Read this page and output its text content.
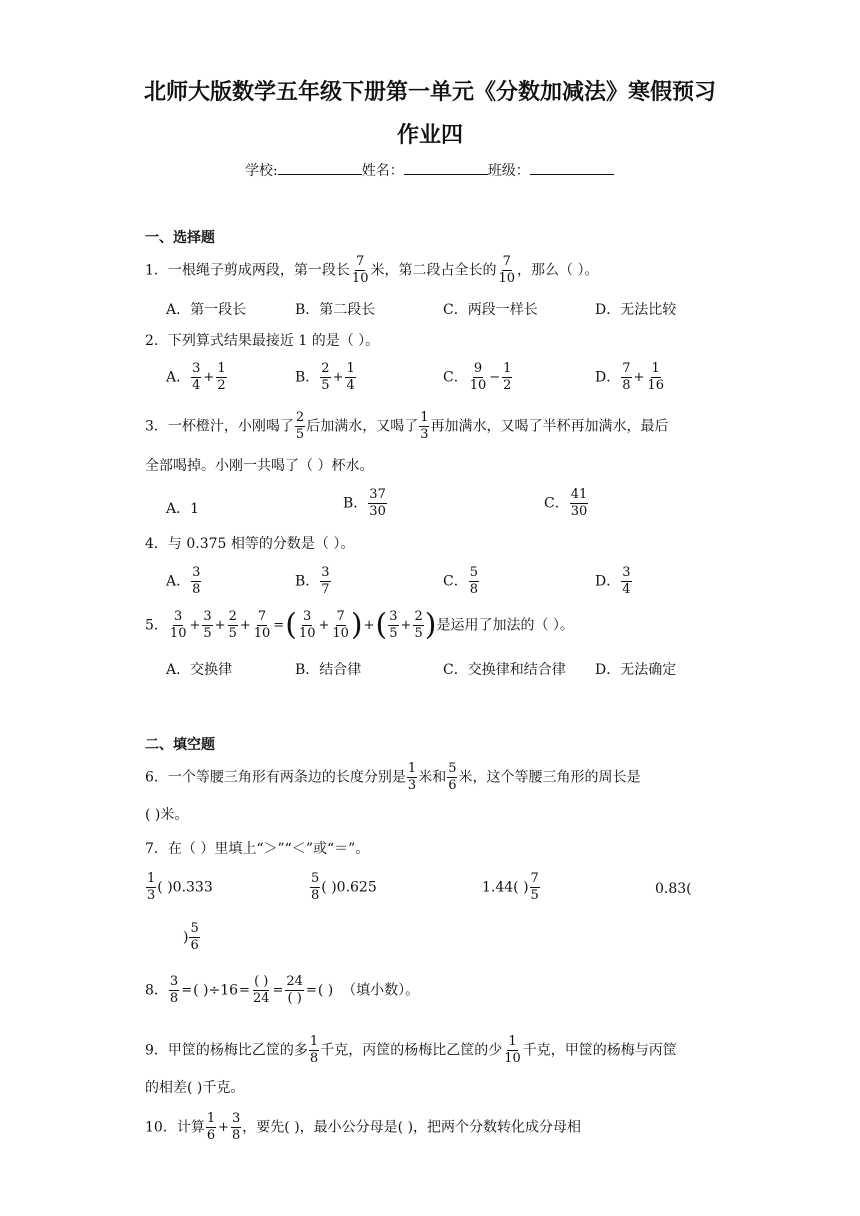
北师大版数学五年级下册第一单元《分数加减法》寒假预习
作业四
学校:	姓名：	班级：
一、选择题
1．一根绳子剪成两段，第一段长 $\frac{7}{10}$ 米，第二段占全长的 $\frac{7}{10}$ ，那么（ ）。
A．第一段长	B．第二段长	C．两段一样长	D．无法比较
2．下列算式结果最接近 1 的是（ ）。
A． $\frac{3}{4} + \frac{1}{2}$	B． $\frac{2}{5} + \frac{1}{4}$	C． $\frac{9}{10} - \frac{1}{2}$	D． $\frac{7}{8} + \frac{1}{16}$
3．一杯橙汁，小刚喝了 $\frac{2}{5}$ 后加满水，又喝了 $\frac{1}{3}$ 再加满水，又喝了半杯再加满水，最后
全部喝掉。小刚一共喝了（ ）杯水。
A．1	B． $\frac{37}{30}$	C． $\frac{41}{30}$
4．与 0.375 相等的分数是（ ）。
A． $\frac{3}{8}$	B． $\frac{3}{7}$	C． $\frac{5}{8}$	D． $\frac{3}{4}$
5． $\frac{3}{10} + \frac{3}{5} + \frac{2}{5} + \frac{7}{10}$ =( $\frac{3}{10} + \frac{7}{10}$ )+( $\frac{3}{5} + \frac{2}{5}$ )是运用了加法的（ ）。
A．交换律	B．结合律	C．交换律和结合律 D．无法确定
二、填空题
6．一个等腰三角形有两条边的长度分别是 $\frac{1}{3}$ 米和 $\frac{5}{6}$ 米，这个等腰三角形的周长是
( )米。
7．在（ ）里填上“＞”“＜”或“＝”。
$\frac{1}{3}$ ( )0.333	$\frac{5}{8}$ ( )0.625	1.44( ) $\frac{7}{5}$	0.83(
) $\frac{5}{6}$
8． $\frac{3}{8}$ =( )$\div 16= \frac{( )}{24} = \frac{24}{( )}$ =( ) （填小数）。
9．甲筐的杨梅比乙筐的多 $\frac{1}{8}$ 千克，丙筐的杨梅比乙筐的少 $\frac{1}{10}$ 千克，甲筐的杨梅与丙筐
的相差( )千克。
10．计算 $\frac{1}{6} + \frac{3}{8}$ ，要先( )，最小公分母是( )，把两个分数转化成分母相
